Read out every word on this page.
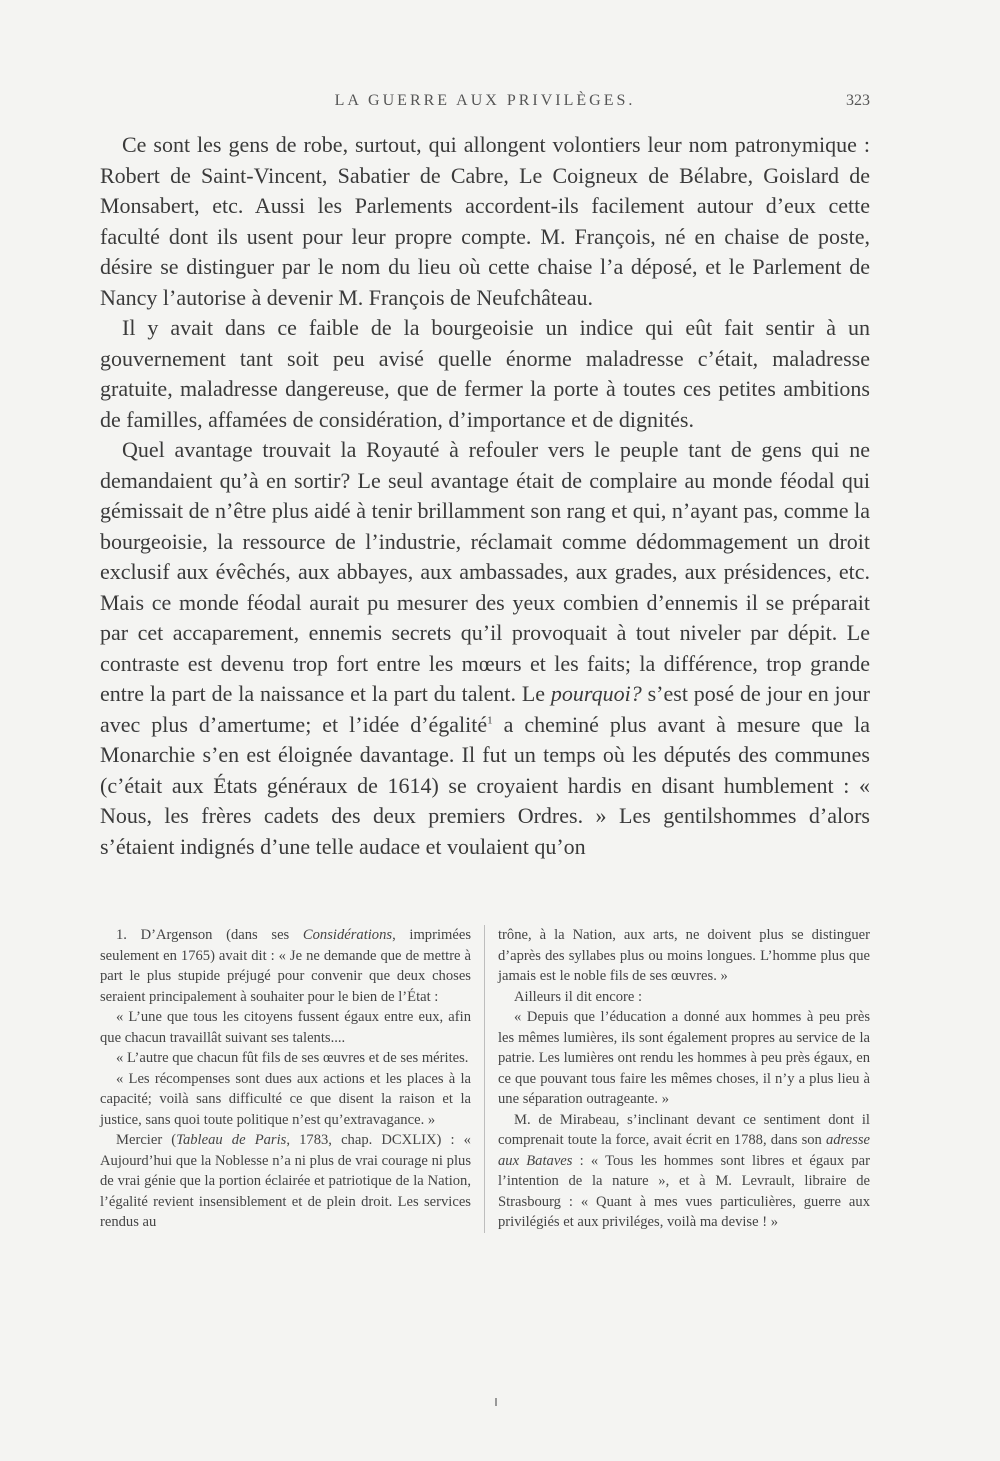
LA GUERRE AUX PRIVILÈGES.	323

Ce sont les gens de robe, surtout, qui allongent volontiers leur nom patronymique : Robert de Saint-Vincent, Sabatier de Cabre, Le Coigneux de Bélabre, Goislard de Monsabert, etc. Aussi les Parlements accordent-ils facilement autour d’eux cette faculté dont ils usent pour leur propre compte. M. François, né en chaise de poste, désire se distinguer par le nom du lieu où cette chaise l’a déposé, et le Parlement de Nancy l’autorise à devenir M. François de Neufchâteau.

Il y avait dans ce faible de la bourgeoisie un indice qui eût fait sentir à un gouvernement tant soit peu avisé quelle énorme maladresse c’était, maladresse gratuite, maladresse dangereuse, que de fermer la porte à toutes ces petites ambitions de familles, affamées de considération, d’importance et de dignités.

Quel avantage trouvait la Royauté à refouler vers le peuple tant de gens qui ne demandaient qu’à en sortir? Le seul avantage était de complaire au monde féodal qui gémissait de n’être plus aidé à tenir brillamment son rang et qui, n’ayant pas, comme la bourgeoisie, la ressource de l’industrie, réclamait comme dédommagement un droit exclusif aux évêchés, aux abbayes, aux ambassades, aux grades, aux présidences, etc. Mais ce monde féodal aurait pu mesurer des yeux combien d’ennemis il se préparait par cet accaparement, ennemis secrets qu’il provoquait à tout niveler par dépit. Le contraste est devenu trop fort entre les mœurs et les faits; la différence, trop grande entre la part de la naissance et la part du talent. Le pourquoi? s’est posé de jour en jour avec plus d’amertume; et l’idée d’égalité$^1$ a cheminé plus avant à mesure que la Monarchie s’en est éloignée davantage. Il fut un temps où les députés des communes (c’était aux États généraux de 1614) se croyaient hardis en disant humblement : « Nous, les frères cadets des deux premiers Ordres. » Les gentilshommes d’alors s’étaient indignés d’une telle audace et voulaient qu’on

1. D’Argenson (dans ses Considérations, imprimées seulement en 1765) avait dit : « Je ne demande que de mettre à part le plus stupide préjugé pour convenir que deux choses seraient principalement à souhaiter pour le bien de l’État :

« L’une que tous les citoyens fussent égaux entre eux, afin que chacun travaillât suivant ses talents....

« L’autre que chacun fût fils de ses œuvres et de ses mérites.

« Les récompenses sont dues aux actions et les places à la capacité; voilà sans difficulté ce que disent la raison et la justice, sans quoi toute politique n’est qu’extravagance. »

Mercier (Tableau de Paris, 1783, chap. DCXLIX) : « Aujourd’hui que la Noblesse n’a ni plus de vrai courage ni plus de vrai génie que la portion éclairée et patriotique de la Nation, l’égalité revient insensiblement et de plein droit. Les services rendus au

trône, à la Nation, aux arts, ne doivent plus se distinguer d’après des syllabes plus ou moins longues. L’homme plus que jamais est le noble fils de ses œuvres. »

Ailleurs il dit encore :

« Depuis que l’éducation a donné aux hommes à peu près les mêmes lumières, ils sont également propres au service de la patrie. Les lumières ont rendu les hommes à peu près égaux, en ce que pouvant tous faire les mêmes choses, il n’y a plus lieu à une séparation outrageante. »

M. de Mirabeau, s’inclinant devant ce sentiment dont il comprenait toute la force, avait écrit en 1788, dans son adresse aux Bataves : « Tous les hommes sont libres et égaux par l’intention de la nature », et à M. Levrault, libraire de Strasbourg : « Quant à mes vues particulières, guerre aux privilégiés et aux priviléges, voilà ma devise ! »
